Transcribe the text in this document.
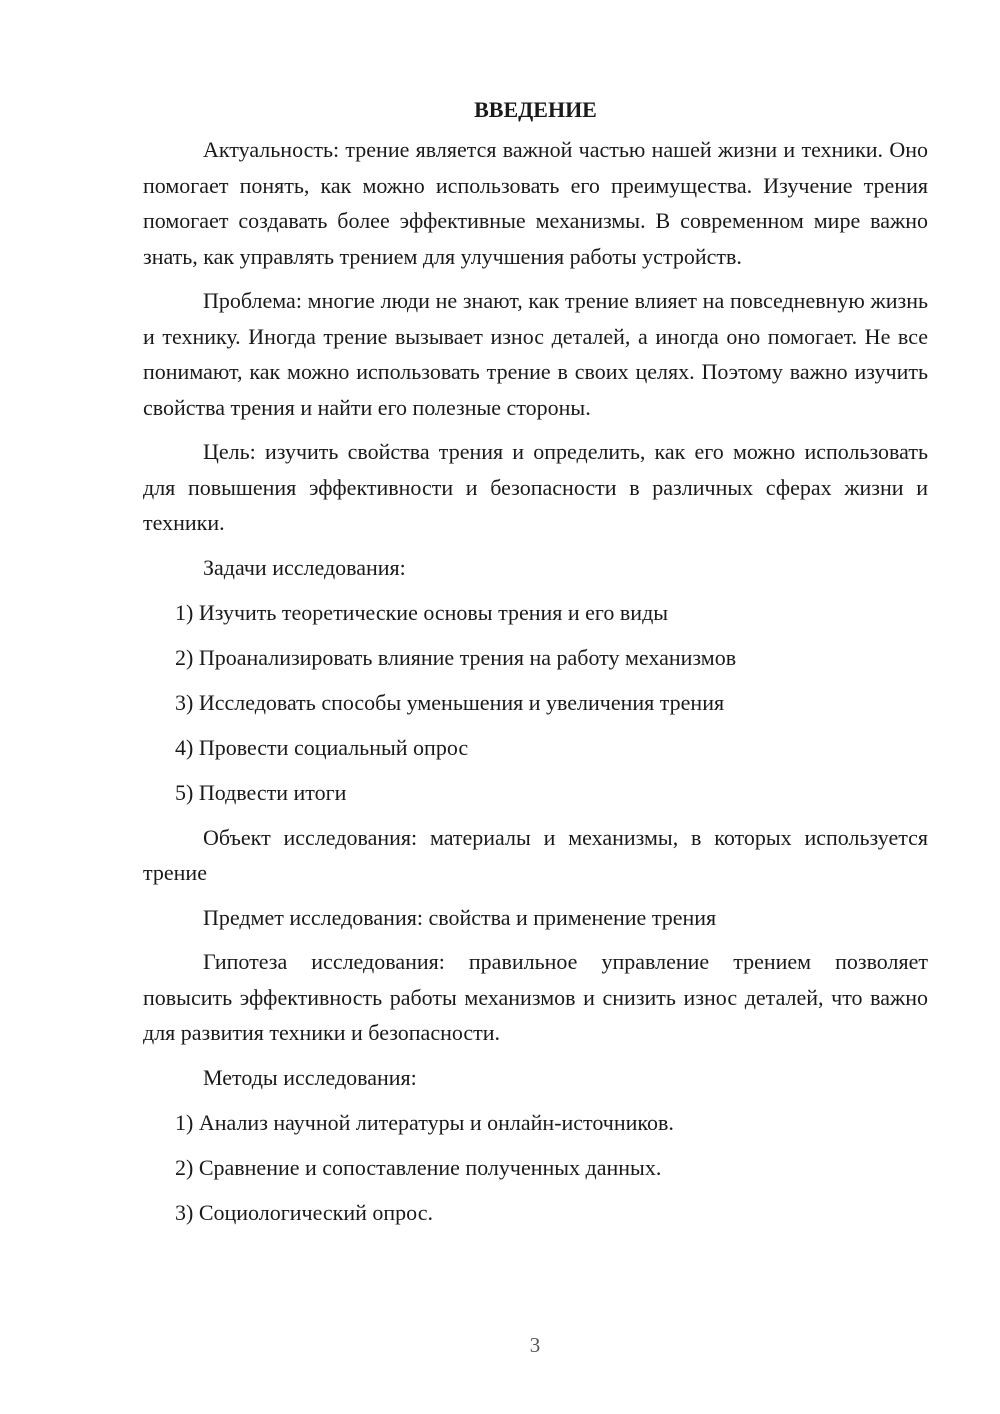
ВВЕДЕНИЕ

Актуальность: трение является важной частью нашей жизни и техники. Оно помогает понять, как можно использовать его преимущества. Изучение трения помогает создавать более эффективные механизмы. В современном мире важно знать, как управлять трением для улучшения работы устройств.

Проблема: многие люди не знают, как трение влияет на повседневную жизнь и технику. Иногда трение вызывает износ деталей, а иногда оно помогает. Не все понимают, как можно использовать трение в своих целях. Поэтому важно изучить свойства трения и найти его полезные стороны.

Цель: изучить свойства трения и определить, как его можно использовать для повышения эффективности и безопасности в различных сферах жизни и техники.

Задачи исследования:
1) Изучить теоретические основы трения и его виды
2) Проанализировать влияние трения на работу механизмов
3) Исследовать способы уменьшения и увеличения трения
4) Провести социальный опрос
5) Подвести итоги

Объект исследования: материалы и механизмы, в которых используется трение

Предмет исследования: свойства и применение трения

Гипотеза исследования: правильное управление трением позволяет повысить эффективность работы механизмов и снизить износ деталей, что важно для развития техники и безопасности.

Методы исследования:
1) Анализ научной литературы и онлайн-источников.
2) Сравнение и сопоставление полученных данных.
3) Социологический опрос.
3
